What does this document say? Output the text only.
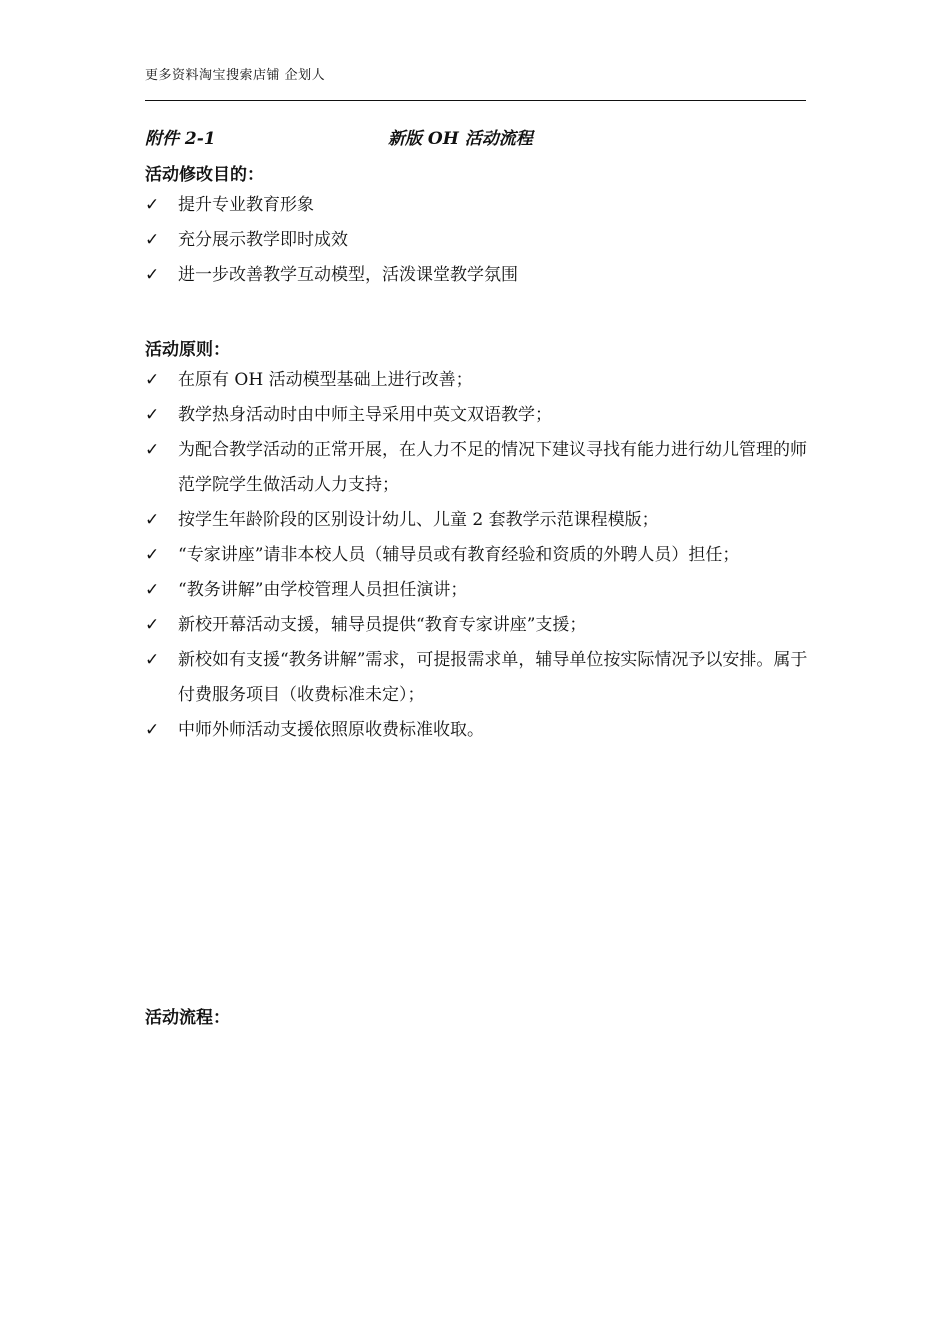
更多资料淘宝搜索店铺 企划人
附件 2-1	新版 OH 活动流程
活动修改目的：
✓ 提升专业教育形象
✓ 充分展示教学即时成效
✓ 进一步改善教学互动模型，活泼课堂教学氛围
活动原则：
✓ 在原有 OH 活动模型基础上进行改善；
✓ 教学热身活动时由中师主导采用中英文双语教学；
✓ 为配合教学活动的正常开展，在人力不足的情况下建议寻找有能力进行幼儿管理的师范学院学生做活动人力支持；
✓ 按学生年龄阶段的区别设计幼儿、儿童 2 套教学示范课程模版；
✓ “专家讲座”请非本校人员（辅导员或有教育经验和资质的外聘人员）担任；
✓ “教务讲解”由学校管理人员担任演讲；
✓ 新校开幕活动支援，辅导员提供“教育专家讲座”支援；
✓ 新校如有支援“教务讲解”需求，可提报需求单，辅导单位按实际情况予以安排。属于付费服务项目（收费标准未定）；
✓ 中师外师活动支援依照原收费标准收取。
活动流程：
